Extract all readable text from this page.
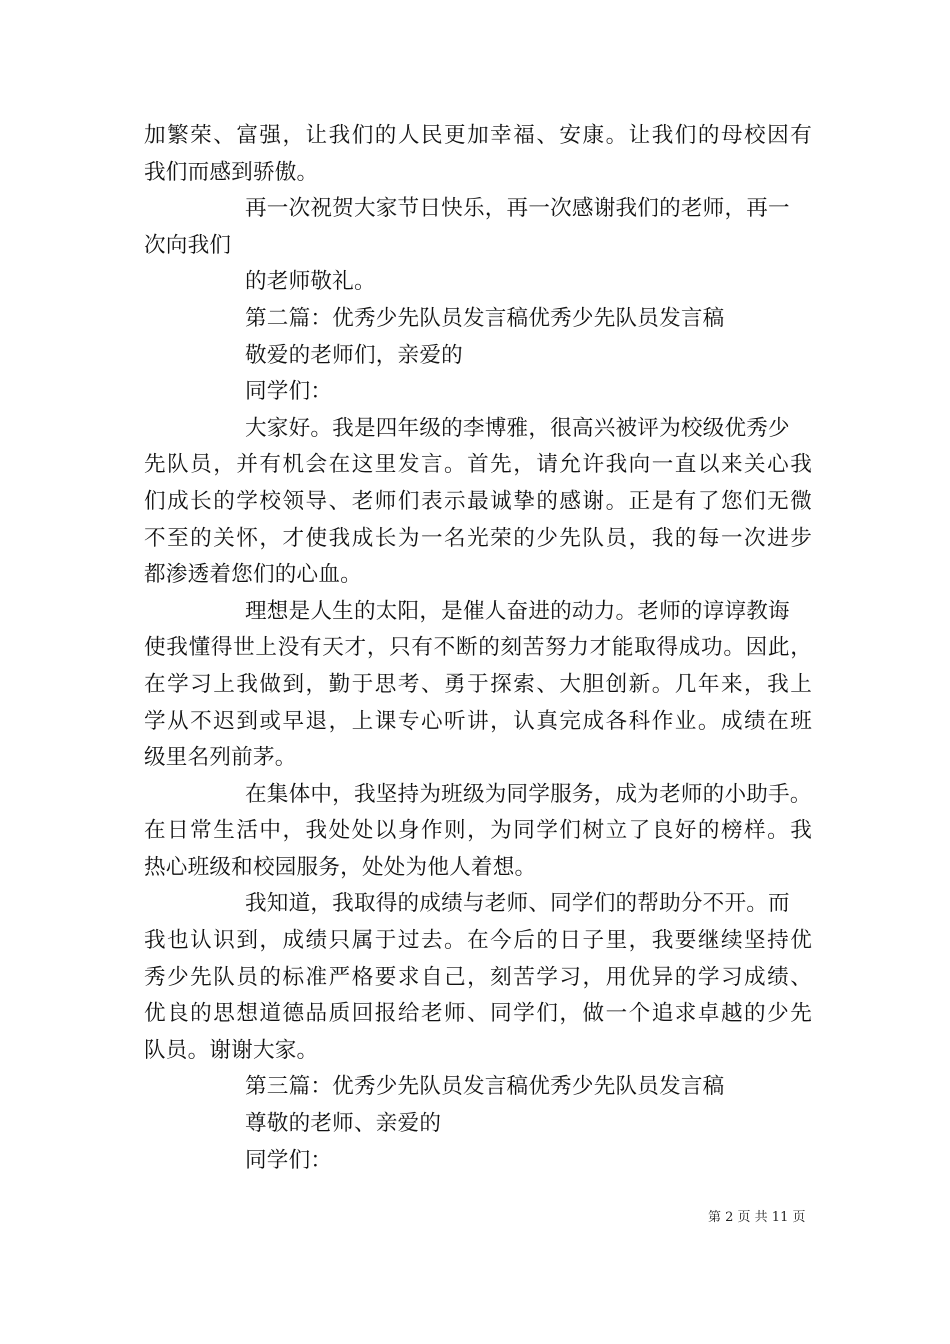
加繁荣、富强，让我们的人民更加幸福、安康。让我们的母校因有
我们而感到骄傲。
再一次祝贺大家节日快乐，再一次感谢我们的老师，再一
次向我们
的老师敬礼。
第二篇：优秀少先队员发言稿优秀少先队员发言稿
敬爱的老师们，亲爱的
同学们：
大家好。我是四年级的李博雅，很高兴被评为校级优秀少
先队员，并有机会在这里发言。首先，请允许我向一直以来关心我
们成长的学校领导、老师们表示最诚挚的感谢。正是有了您们无微
不至的关怀，才使我成长为一名光荣的少先队员，我的每一次进步
都渗透着您们的心血。
理想是人生的太阳，是催人奋进的动力。老师的谆谆教诲
使我懂得世上没有天才，只有不断的刻苦努力才能取得成功。因此，
在学习上我做到，勤于思考、勇于探索、大胆创新。几年来，我上
学从不迟到或早退，上课专心听讲，认真完成各科作业。成绩在班
级里名列前茅。
在集体中，我坚持为班级为同学服务，成为老师的小助手。
在日常生活中，我处处以身作则，为同学们树立了良好的榜样。我
热心班级和校园服务，处处为他人着想。
我知道，我取得的成绩与老师、同学们的帮助分不开。而
我也认识到，成绩只属于过去。在今后的日子里，我要继续坚持优
秀少先队员的标准严格要求自己，刻苦学习，用优异的学习成绩、
优良的思想道德品质回报给老师、同学们，做一个追求卓越的少先
队员。谢谢大家。
第三篇：优秀少先队员发言稿优秀少先队员发言稿
尊敬的老师、亲爱的
同学们：
第 2 页 共 11 页
